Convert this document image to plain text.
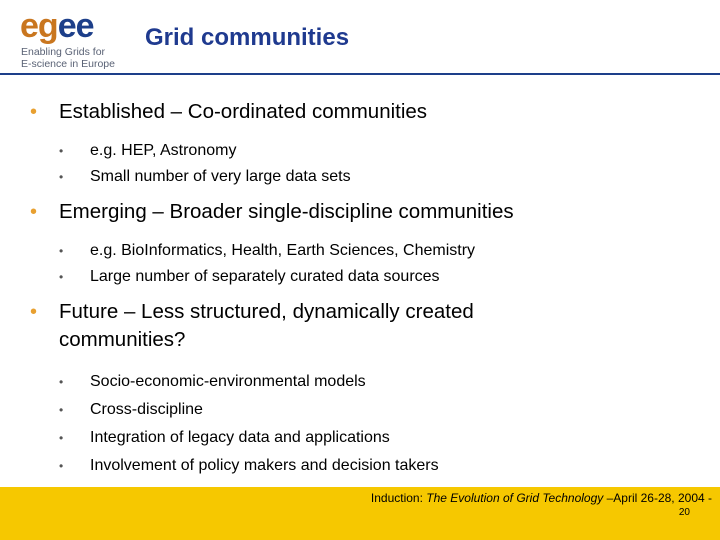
egee
Enabling Grids for
E-science in Europe
Grid communities
• Established – Co-ordinated communities
• e.g. HEP, Astronomy
• Small number of very large data sets
• Emerging – Broader single-discipline communities
• e.g. BioInformatics, Health, Earth Sciences, Chemistry
• Large number of separately curated data sources
• Future – Less structured, dynamically created
communities?
• Socio-economic-environmental models
• Cross-discipline
• Integration of legacy data and applications
• Involvement of policy makers and decision takers
Induction: The Evolution of Grid Technology –April 26-28, 2004 -
20
